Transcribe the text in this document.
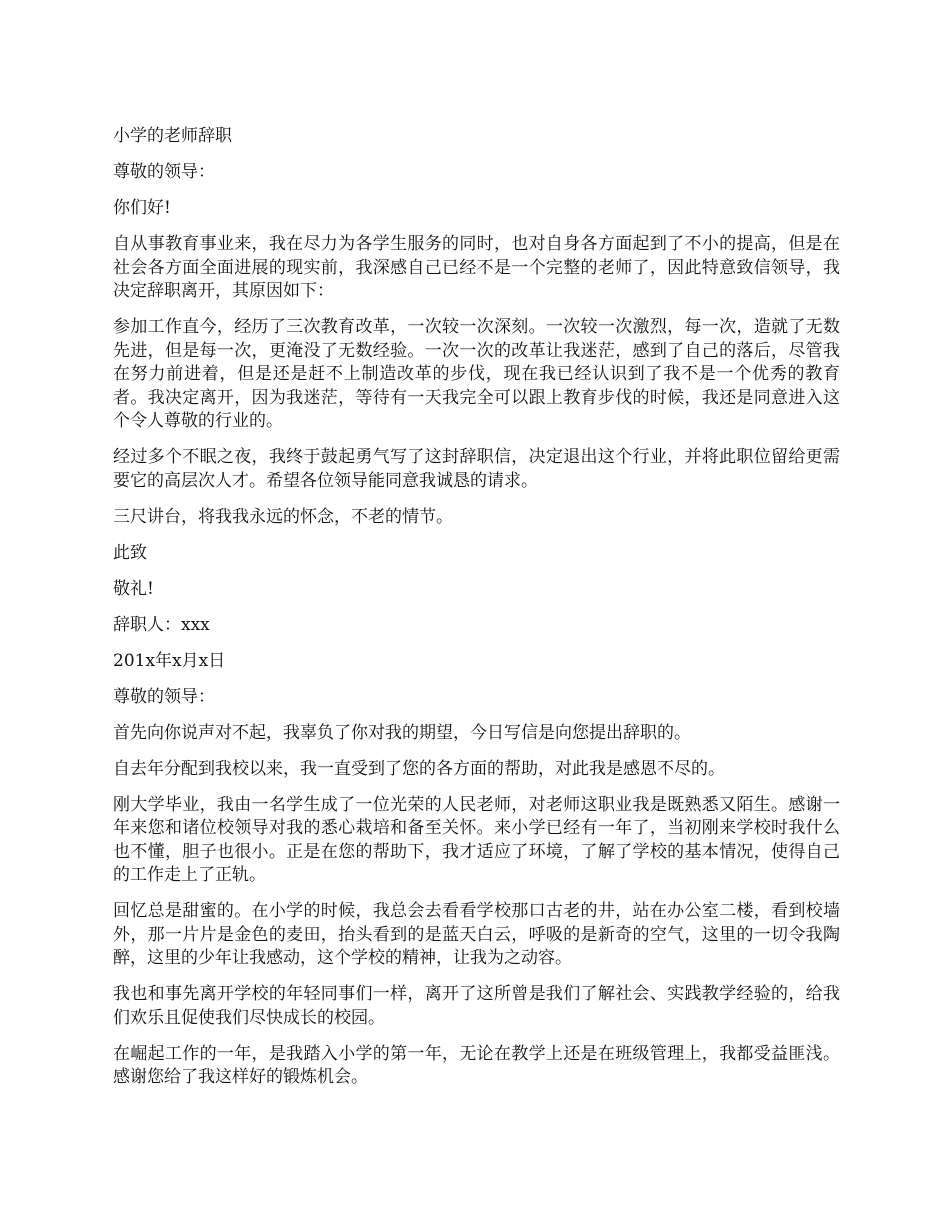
小学的老师辞职

尊敬的领导：

你们好!

自从事教育事业来，我在尽力为各学生服务的同时，也对自身各方面起到了不小的提高，但是在社会各方面全面进展的现实前，我深感自己已经不是一个完整的老师了，因此特意致信领导，我决定辞职离开，其原因如下：

参加工作直今，经历了三次教育改革，一次较一次深刻。一次较一次激烈，每一次，造就了无数先进，但是每一次，更淹没了无数经验。一次一次的改革让我迷茫，感到了自己的落后，尽管我在努力前进着，但是还是赶不上制造改革的步伐，现在我已经认识到了我不是一个优秀的教育者。我决定离开，因为我迷茫，等待有一天我完全可以跟上教育步伐的时候，我还是同意进入这个令人尊敬的行业的。

经过多个不眠之夜，我终于鼓起勇气写了这封辞职信，决定退出这个行业，并将此职位留给更需要它的高层次人才。希望各位领导能同意我诚恳的请求。

三尺讲台，将我我永远的怀念，不老的情节。

此致

敬礼!

辞职人：xxx

201x年x月x日

尊敬的领导：

首先向你说声对不起，我辜负了你对我的期望，今日写信是向您提出辞职的。

自去年分配到我校以来，我一直受到了您的各方面的帮助，对此我是感恩不尽的。

刚大学毕业，我由一名学生成了一位光荣的人民老师，对老师这职业我是既熟悉又陌生。感谢一年来您和诸位校领导对我的悉心栽培和备至关怀。来小学已经有一年了，当初刚来学校时我什么也不懂，胆子也很小。正是在您的帮助下，我才适应了环境，了解了学校的基本情况，使得自己的工作走上了正轨。

回忆总是甜蜜的。在小学的时候，我总会去看看学校那口古老的井，站在办公室二楼，看到校墙外，那一片片是金色的麦田，抬头看到的是蓝天白云，呼吸的是新奇的空气，这里的一切令我陶醉，这里的少年让我感动，这个学校的精神，让我为之动容。

我也和事先离开学校的年轻同事们一样，离开了这所曾是我们了解社会、实践教学经验的，给我们欢乐且促使我们尽快成长的校园。

在崛起工作的一年，是我踏入小学的第一年，无论在教学上还是在班级管理上，我都受益匪浅。感谢您给了我这样好的锻炼机会。
